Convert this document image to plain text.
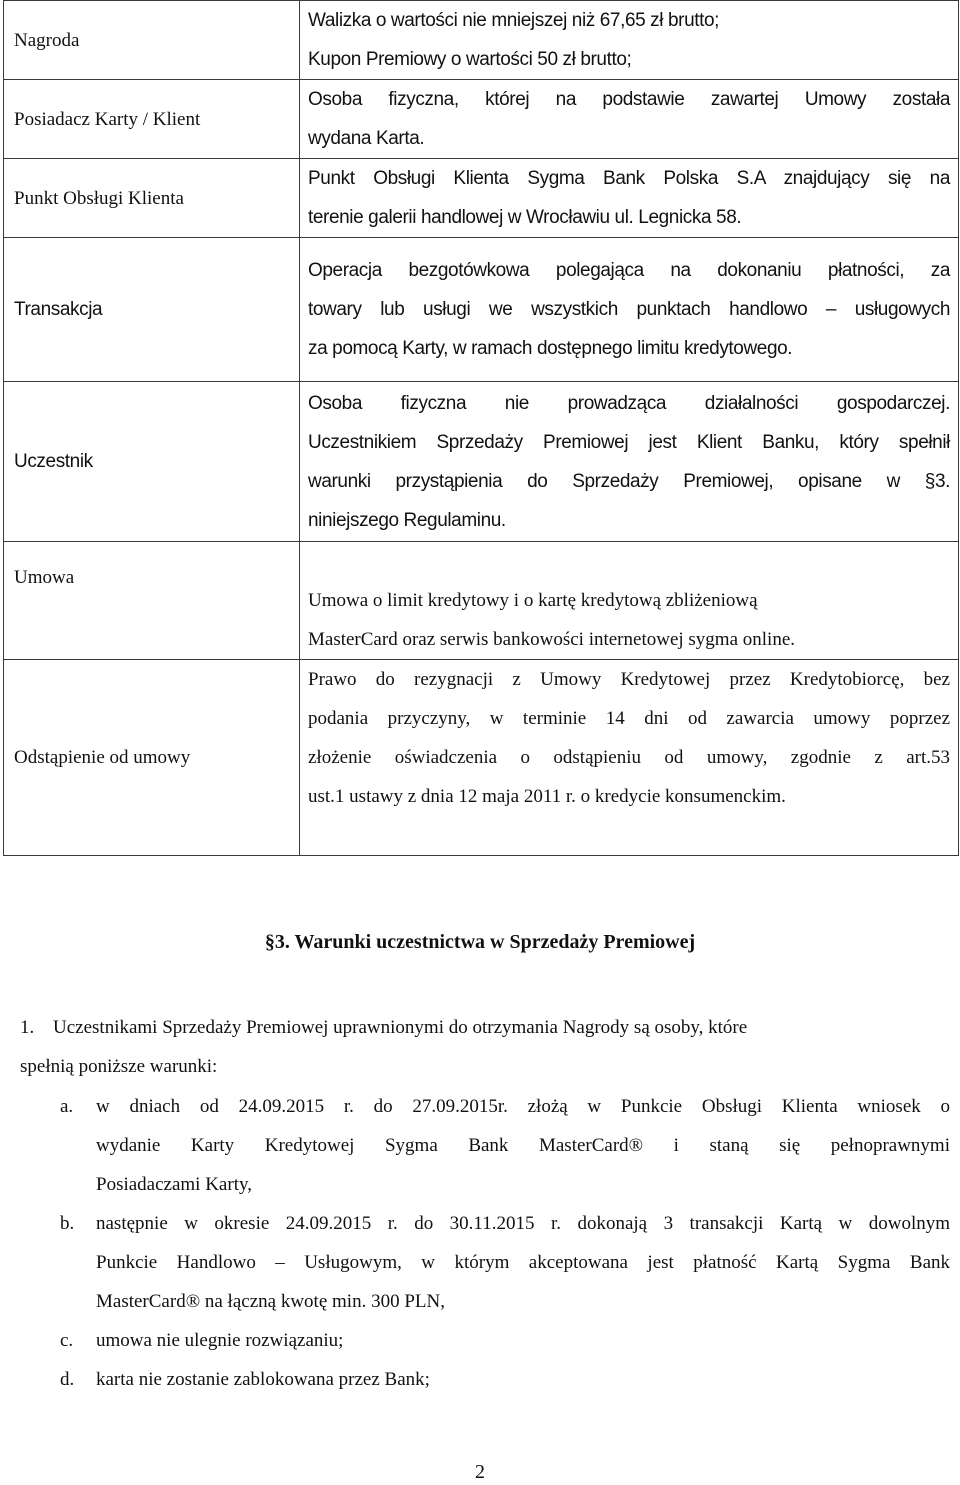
Nagroda	Walizka o wartości nie mniejszej niż 67,65 zł brutto;
Kupon Premiowy o wartości 50 zł brutto;

Posiadacz Karty / Klient	Osoba fizyczna, której na podstawie zawartej Umowy została
wydana Karta.

Punkt Obsługi Klienta	Punkt Obsługi Klienta Sygma Bank Polska S.A znajdujący się na
terenie galerii handlowej w Wrocławiu ul. Legnicka 58.

Transakcja	Operacja bezgotówkowa polegająca na dokonaniu płatności, za
towary lub usługi we wszystkich punktach handlowo – usługowych
za pomocą Karty, w ramach dostępnego limitu kredytowego.

Uczestnik	Osoba fizyczna nie prowadząca działalności gospodarczej.
Uczestnikiem Sprzedaży Premiowej jest Klient Banku, który spełnił
warunki przystąpienia do Sprzedaży Premiowej, opisane w §3.
niniejszego Regulaminu.

Umowa	Umowa o limit kredytowy i o kartę kredytową zbliżeniową
MasterCard oraz serwis bankowości internetowej sygma online.

Odstąpienie od umowy	Prawo do rezygnacji z Umowy Kredytowej przez Kredytobiorcę, bez
podania przyczyny, w terminie 14 dni od zawarcia umowy poprzez
złożenie oświadczenia o odstąpieniu od umowy, zgodnie z art.53
ust.1 ustawy z dnia 12 maja 2011 r. o kredycie konsumenckim.
§3. Warunki uczestnictwa w Sprzedaży Premiowej
1. Uczestnikami Sprzedaży Premiowej uprawnionymi do otrzymania Nagrody są osoby, które
spełnią poniższe warunki:
a. w dniach od 24.09.2015 r. do 27.09.2015r. złożą w Punkcie Obsługi Klienta wniosek o
wydanie Karty Kredytowej Sygma Bank MasterCard® i staną się pełnoprawnymi
Posiadaczami Karty,
b. następnie w okresie 24.09.2015 r. do 30.11.2015 r. dokonają 3 transakcji Kartą w dowolnym
Punkcie Handlowo – Usługowym, w którym akceptowana jest płatność Kartą Sygma Bank
MasterCard® na łączną kwotę min. 300 PLN,
c. umowa nie ulegnie rozwiązaniu;
d. karta nie zostanie zablokowana przez Bank;
2
